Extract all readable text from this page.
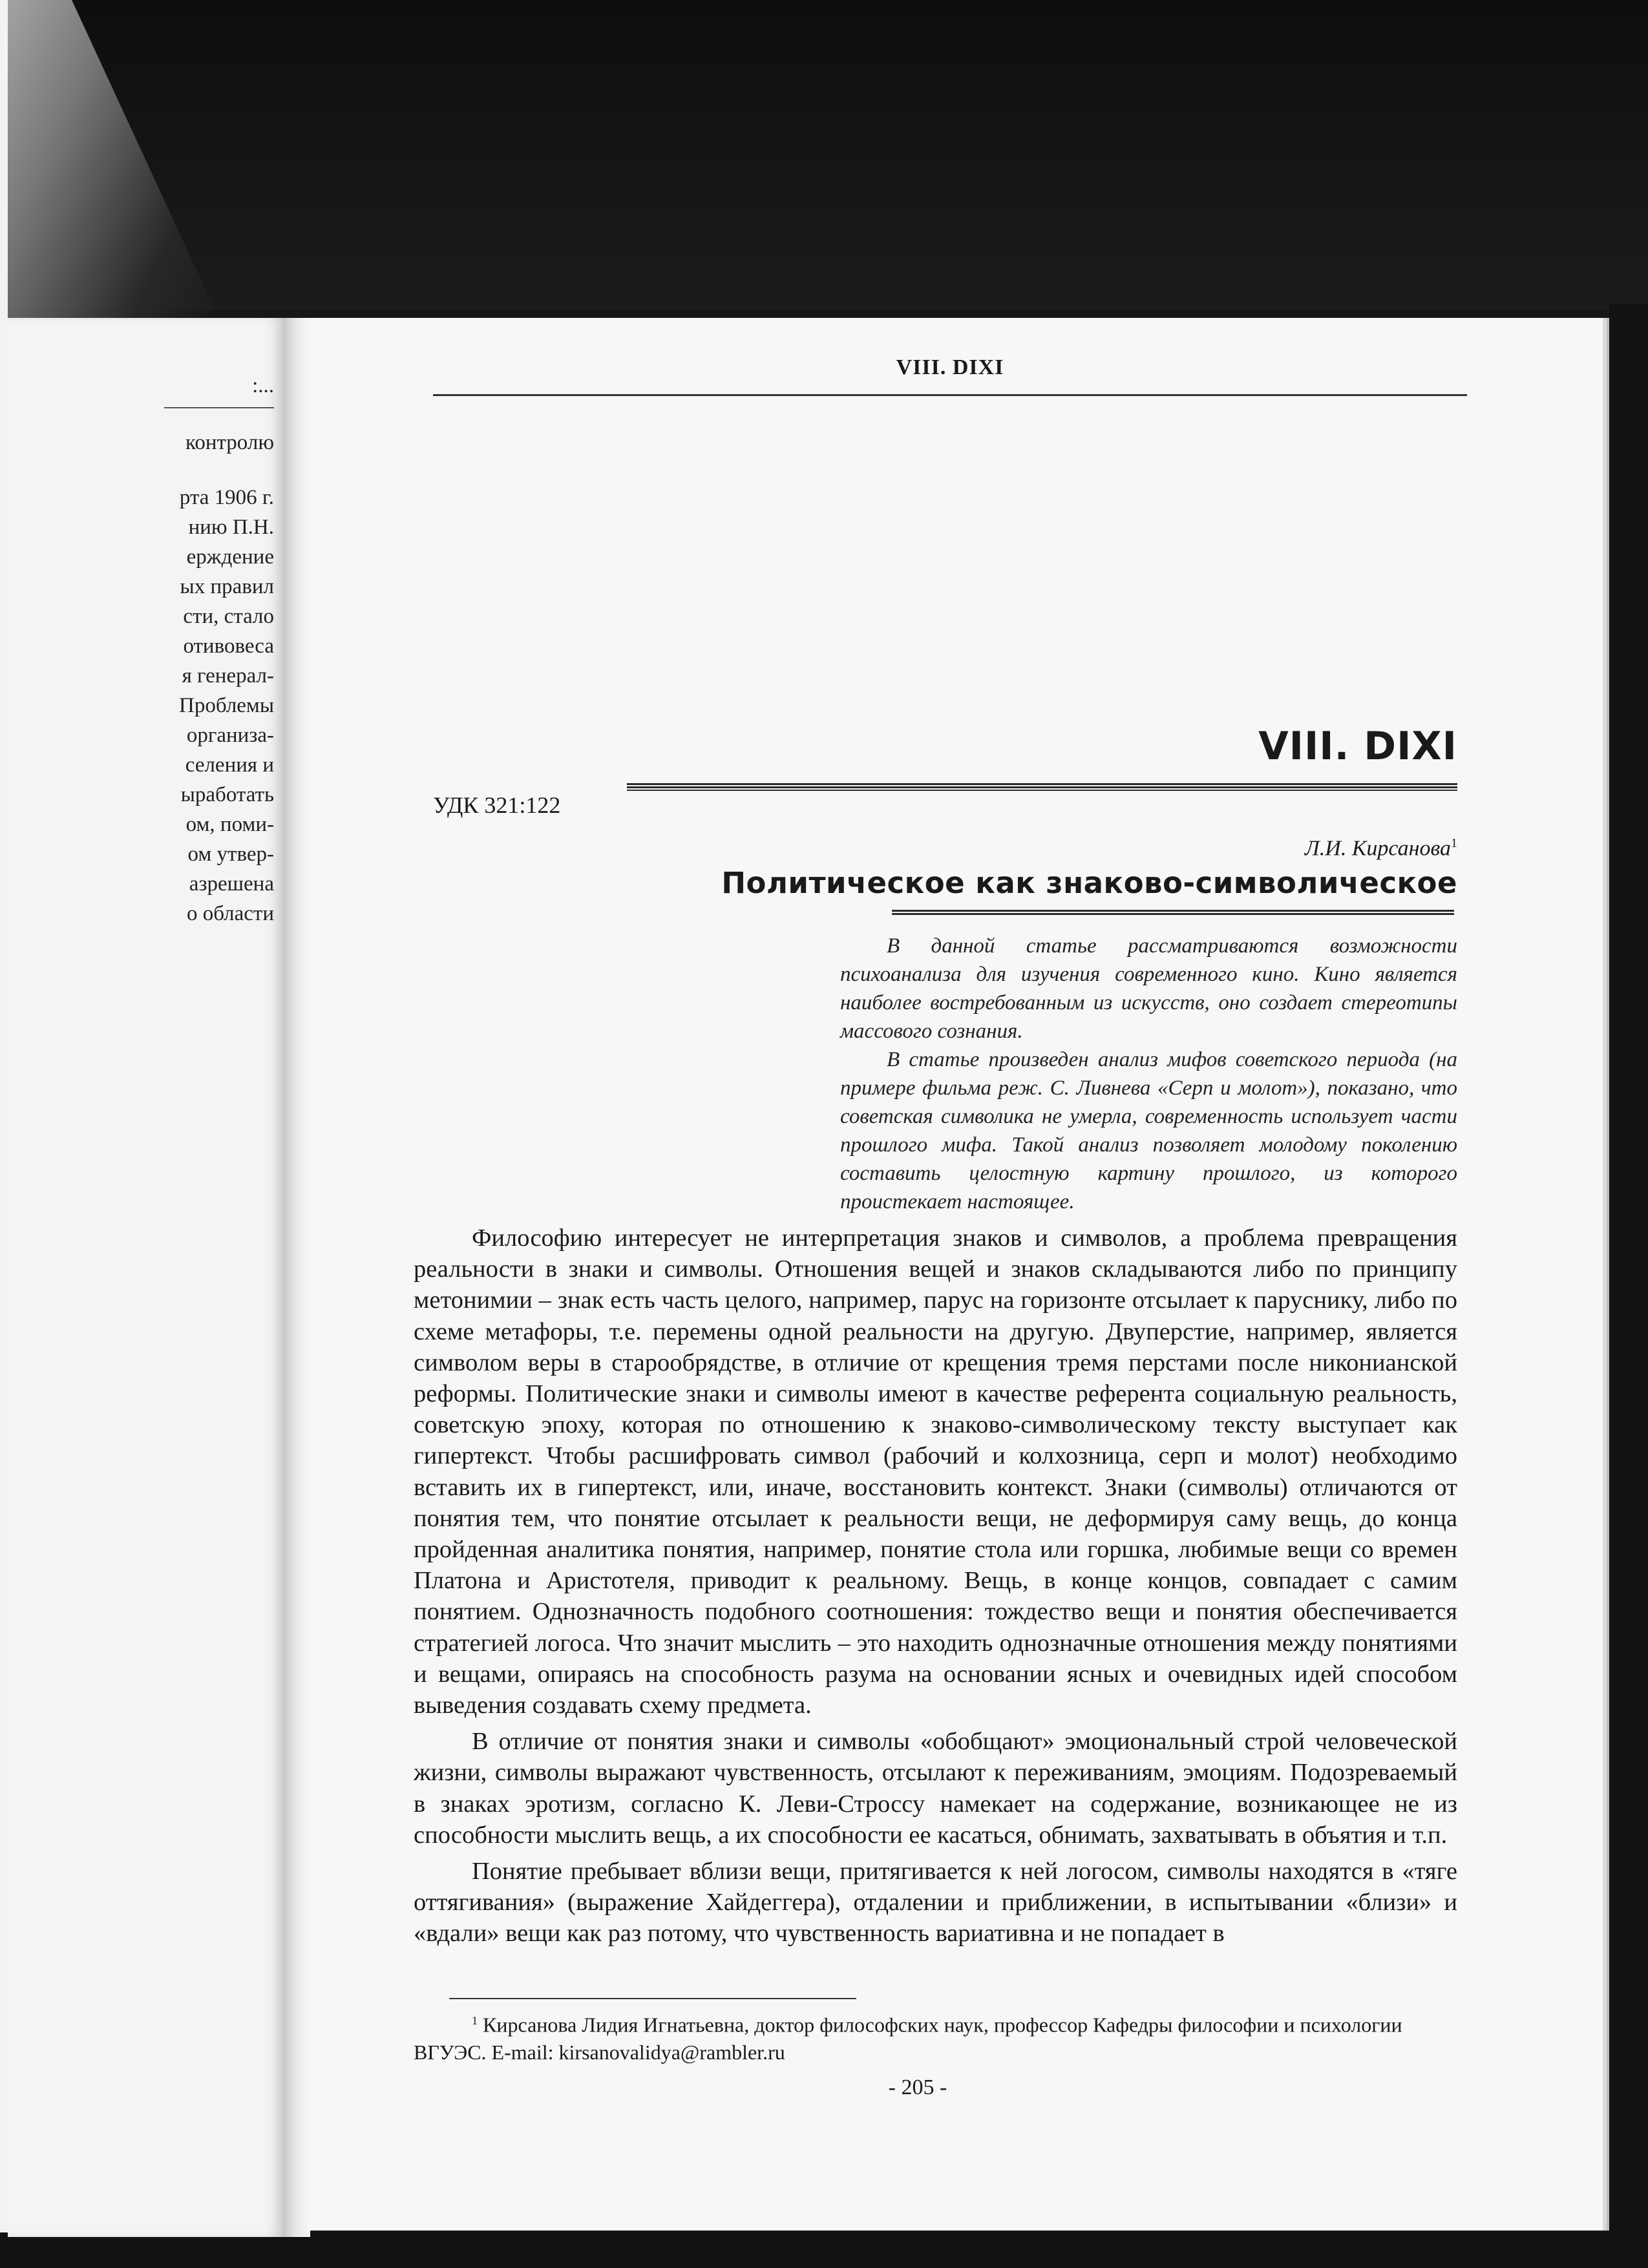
:...
контролю
рта 1906 г.
нию П.Н.
ерждение
ых правил
сти, стало
отивовеса
я генерал-
Проблемы
организа-
селения и
ыработать
ом, поми-
ом утвер-
азрешена
о области
VIII. DIXI
VIII. DIXI
УДК 321:122
Л.И. Кирсанова$^1$
Политическое как знаково-символическое

В данной статье рассматриваются возможности психоанализа для изучения современного кино. Кино является наиболее востребованным из искусств, оно создает стереотипы массового сознания.

В статье произведен анализ мифов советского периода (на примере фильма реж. С. Ливнева «Серп и молот»), показано, что советская символика не умерла, современность использует части прошлого мифа. Такой анализ позволяет молодому поколению составить целостную картину прошлого, из которого проистекает настоящее.

Философию интересует не интерпретация знаков и символов, а проблема превращения реальности в знаки и символы. Отношения вещей и знаков складываются либо по принципу метонимии – знак есть часть целого, например, парус на горизонте отсылает к паруснику, либо по схеме метафоры, т.е. перемены одной реальности на другую. Двуперстие, например, является символом веры в старообрядстве, в отличие от крещения тремя перстами после никонианской реформы. Политические знаки и символы имеют в качестве референта социальную реальность, советскую эпоху, которая по отношению к знаково-символическому тексту выступает как гипертекст. Чтобы расшифровать символ (рабочий и колхозница, серп и молот) необходимо вставить их в гипертекст, или, иначе, восстановить контекст. Знаки (символы) отличаются от понятия тем, что понятие отсылает к реальности вещи, не деформируя саму вещь, до конца пройденная аналитика понятия, например, понятие стола или горшка, любимые вещи со времен Платона и Аристотеля, приводит к реальному. Вещь, в конце концов, совпадает с самим понятием. Однозначность подобного соотношения: тождество вещи и понятия обеспечивается стратегией логоса. Что значит мыслить – это находить однозначные отношения между понятиями и вещами, опираясь на способность разума на основании ясных и очевидных идей способом выведения создавать схему предмета.

В отличие от понятия знаки и символы «обобщают» эмоциональный строй человеческой жизни, символы выражают чувственность, отсылают к переживаниям, эмоциям. Подозреваемый в знаках эротизм, согласно К. Леви-Строссу намекает на содержание, возникающее не из способности мыслить вещь, а их способности ее касаться, обнимать, захватывать в объятия и т.п.

Понятие пребывает вблизи вещи, притягивается к ней логосом, символы находятся в «тяге оттягивания» (выражение Хайдеггера), отдалении и приближении, в испытывании «близи» и «вдали» вещи как раз потому, что чувственность вариативна и не попадает в

$^1$ Кирсанова Лидия Игнатьевна, доктор философских наук, профессор Кафедры философии и психологии ВГУЭС. E-mail: kirsanovalidya@rambler.ru
- 205 -
